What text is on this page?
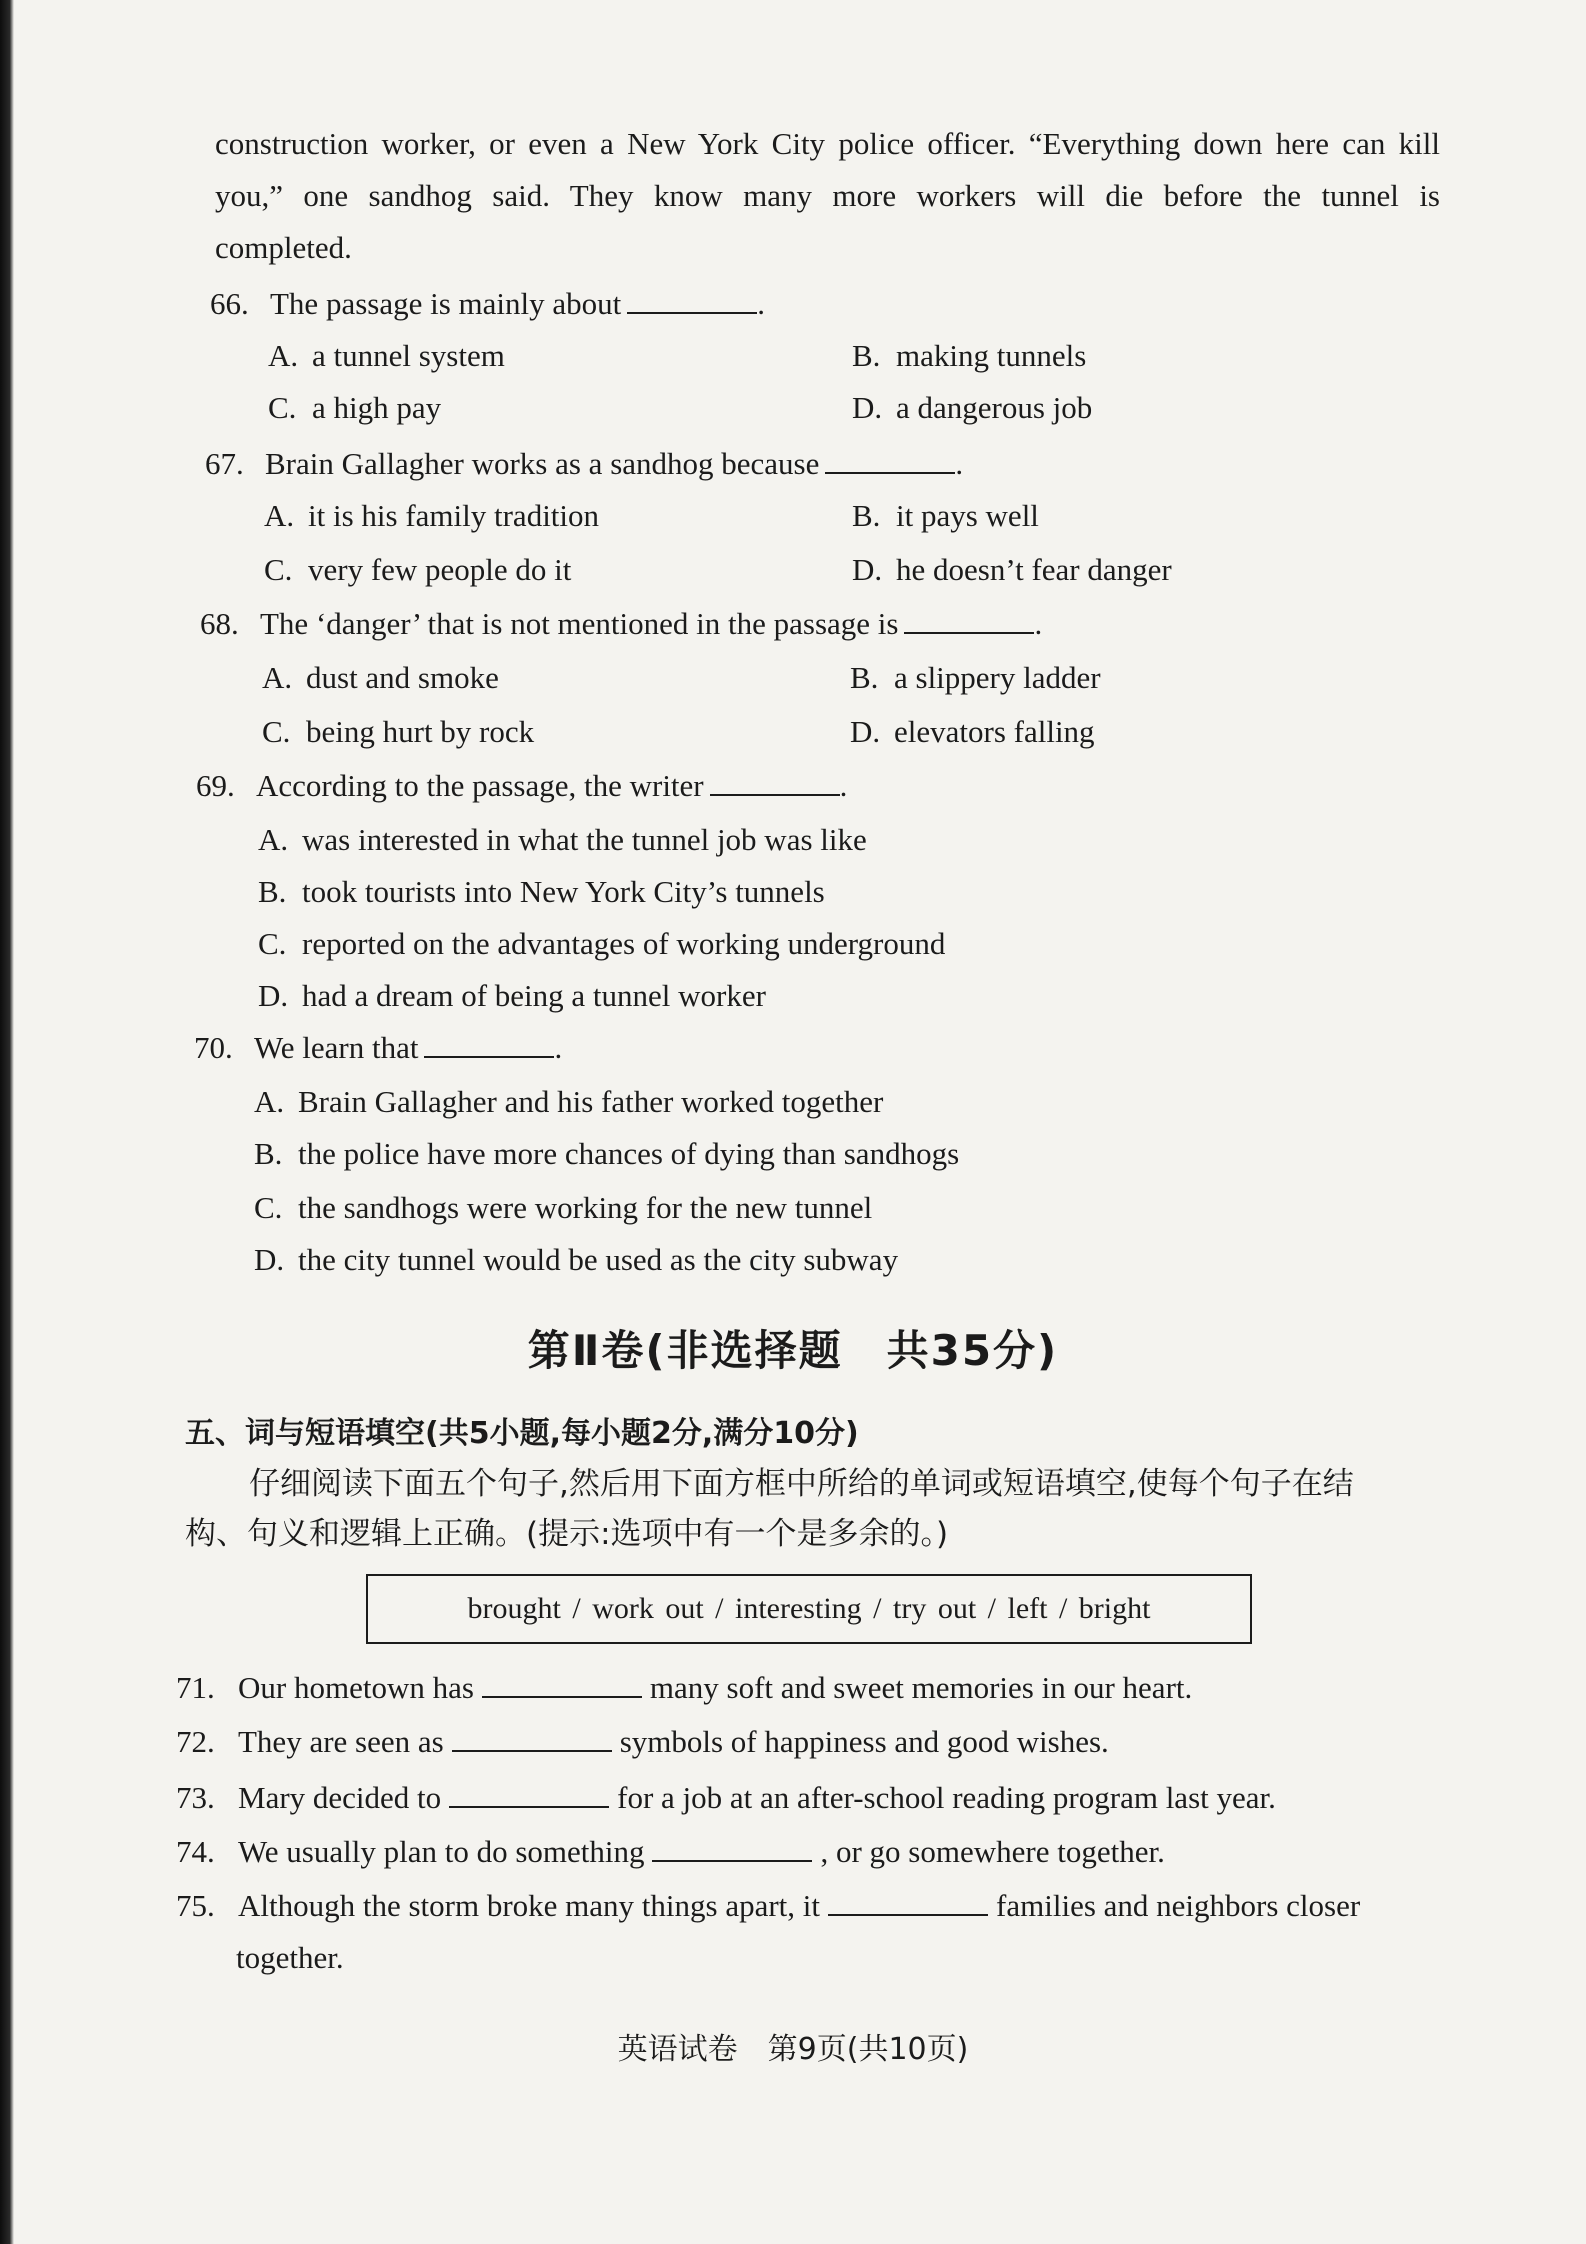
construction worker, or even a New York City police officer. “Everything down here can kill
you,” one sandhog said. They know many more workers will die before the tunnel is
completed.
66. The passage is mainly about	.
A. a tunnel system	B. making tunnels
C. a high pay	D. a dangerous job
67. Brain Gallagher works as a sandhog because	.
A. it is his family tradition	B. it pays well
C. very few people do it	D. he doesn’t fear danger
68. The ‘danger’ that is not mentioned in the passage is	.
A. dust and smoke	B. a slippery ladder
C. being hurt by rock	D. elevators falling
69. According to the passage, the writer	.
A. was interested in what the tunnel job was like
B. took tourists into New York City’s tunnels
C. reported on the advantages of working underground
D. had a dream of being a tunnel worker
70. We learn that	.
A. Brain Gallagher and his father worked together
B. the police have more chances of dying than sandhogs
C. the sandhogs were working for the new tunnel
D. the city tunnel would be used as the city subway
第Ⅱ卷(非选择题　共35分)
五、词与短语填空(共5小题,每小题2分,满分10分)
仔细阅读下面五个句子,然后用下面方框中所给的单词或短语填空,使每个句子在结
构、句义和逻辑上正确。(提示:选项中有一个是多余的。)
brought / work out / interesting / try out / left / bright
71. Our hometown has	many soft and sweet memories in our heart.
72. They are seen as	symbols of happiness and good wishes.
73. Mary decided to	for a job at an after-school reading program last year.
74. We usually plan to do something	, or go somewhere together.
75. Although the storm broke many things apart, it	families and neighbors closer
together.
英语试卷　第9页(共10页)
